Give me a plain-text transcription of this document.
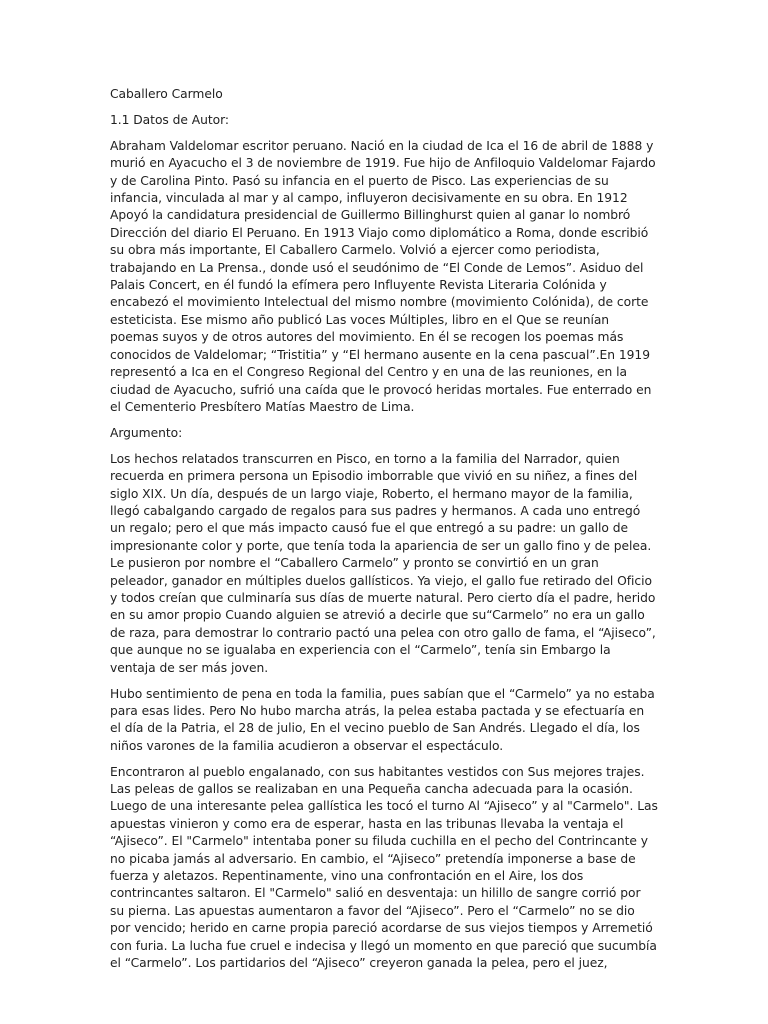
Caballero Carmelo

1.1 Datos de Autor:

Abraham Valdelomar escritor peruano. Nació en la ciudad de Ica el 16 de abril de 1888 y murió en Ayacucho el 3 de noviembre de 1919. Fue hijo de Anfiloquio Valdelomar Fajardo y de Carolina Pinto. Pasó su infancia en el puerto de Pisco. Las experiencias de su infancia, vinculada al mar y al campo, influyeron decisivamente en su obra. En 1912 Apoyó la candidatura presidencial de Guillermo Billinghurst quien al ganar lo nombró Dirección del diario El Peruano. En 1913 Viajo como diplomático a Roma, donde escribió su obra más importante, El Caballero Carmelo. Volvió a ejercer como periodista, trabajando en La Prensa., donde usó el seudónimo de “El Conde de Lemos”. Asiduo del Palais Concert, en él fundó la efímera pero Influyente Revista Literaria Colónida y encabezó el movimiento Intelectual del mismo nombre (movimiento Colónida), de corte esteticista. Ese mismo año publicó Las voces Múltiples, libro en el Que se reunían poemas suyos y de otros autores del movimiento. En él se recogen los poemas más conocidos de Valdelomar; “Tristitia” y “El hermano ausente en la cena pascual”.En 1919 representó a Ica en el Congreso Regional del Centro y en una de las reuniones, en la ciudad de Ayacucho, sufrió una caída que le provocó heridas mortales. Fue enterrado en el Cementerio Presbítero Matías Maestro de Lima.

Argumento:

Los hechos relatados transcurren en Pisco, en torno a la familia del Narrador, quien recuerda en primera persona un Episodio imborrable que vivió en su niñez, a fines del siglo XIX. Un día, después de un largo viaje, Roberto, el hermano mayor de la familia, llegó cabalgando cargado de regalos para sus padres y hermanos. A cada uno entregó un regalo; pero el que más impacto causó fue el que entregó a su padre: un gallo de impresionante color y porte, que tenía toda la apariencia de ser un gallo fino y de pelea. Le pusieron por nombre el “Caballero Carmelo” y pronto se convirtió en un gran peleador, ganador en múltiples duelos gallísticos. Ya viejo, el gallo fue retirado del Oficio y todos creían que culminaría sus días de muerte natural. Pero cierto día el padre, herido en su amor propio Cuando alguien se atrevió a decirle que su“Carmelo” no era un gallo de raza, para demostrar lo contrario pactó una pelea con otro gallo de fama, el “Ajiseco”, que aunque no se igualaba en experiencia con el “Carmelo”, tenía sin Embargo la ventaja de ser más joven.

Hubo sentimiento de pena en toda la familia, pues sabían que el “Carmelo” ya no estaba para esas lides. Pero No hubo marcha atrás, la pelea estaba pactada y se efectuaría en el día de la Patria, el 28 de julio, En el vecino pueblo de San Andrés. Llegado el día, los niños varones de la familia acudieron a observar el espectáculo.

Encontraron al pueblo engalanado, con sus habitantes vestidos con Sus mejores trajes. Las peleas de gallos se realizaban en una Pequeña cancha adecuada para la ocasión. Luego de una interesante pelea gallística les tocó el turno Al “Ajiseco” y al "Carmelo". Las apuestas vinieron y como era de esperar, hasta en las tribunas llevaba la ventaja el “Ajiseco”. El "Carmelo" intentaba poner su filuda cuchilla en el pecho del Contrincante y no picaba jamás al adversario. En cambio, el “Ajiseco” pretendía imponerse a base de fuerza y aletazos. Repentinamente, vino una confrontación en el Aire, los dos contrincantes saltaron. El "Carmelo" salió en desventaja: un hilillo de sangre corrió por su pierna. Las apuestas aumentaron a favor del “Ajiseco”. Pero el “Carmelo” no se dio por vencido; herido en carne propia pareció acordarse de sus viejos tiempos y Arremetió con furia. La lucha fue cruel e indecisa y llegó un momento en que pareció que sucumbía el “Carmelo”. Los partidarios del “Ajiseco” creyeron ganada la pelea, pero el juez,
